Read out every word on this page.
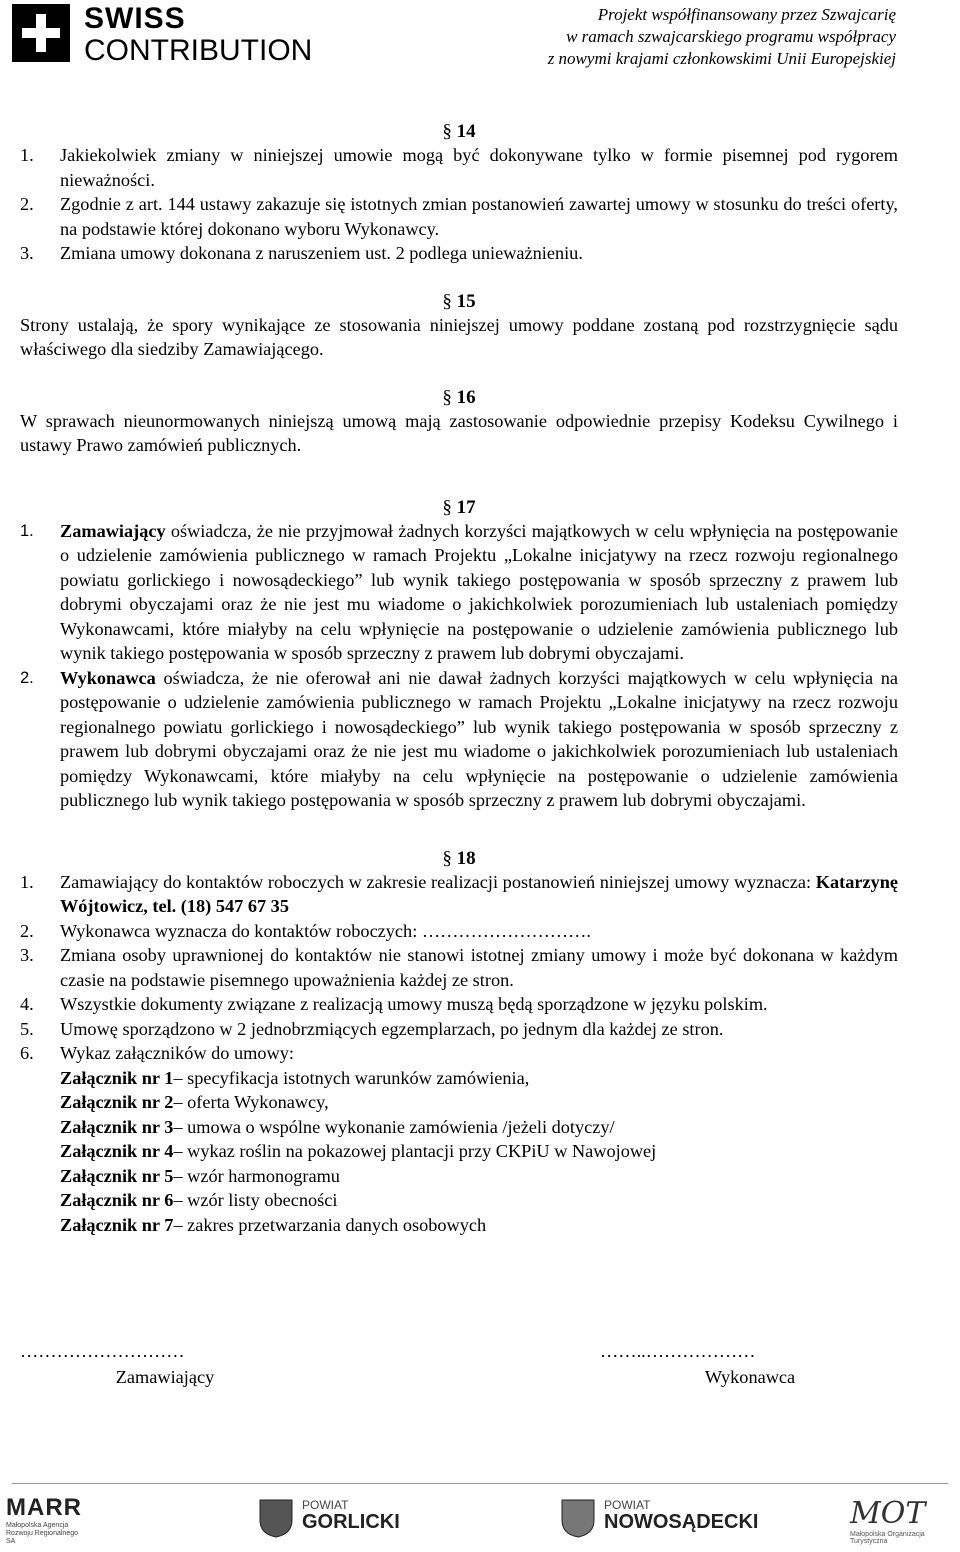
SWISS
CONTRIBUTION
Projekt współfinansowany przez Szwajcarię
w ramach szwajcarskiego programu współpracy
z nowymi krajami członkowskimi Unii Europejskiej
§ 14
1.	Jakiekolwiek zmiany w niniejszej umowie mogą być dokonywane tylko w formie pisemnej pod rygorem nieważności.
2.	Zgodnie z art. 144 ustawy zakazuje się istotnych zmian postanowień zawartej umowy w stosunku do treści oferty, na podstawie której dokonano wyboru Wykonawcy.
3.	Zmiana umowy dokonana z naruszeniem ust. 2 podlega unieważnieniu.
§ 15

Strony ustalają, że spory wynikające ze stosowania niniejszej umowy poddane zostaną pod rozstrzygnięcie sądu właściwego dla siedziby Zamawiającego.

§ 16

W sprawach nieunormowanych niniejszą umową mają zastosowanie odpowiednie przepisy Kodeksu Cywilnego i ustawy Prawo zamówień publicznych.

§ 17
1.	Zamawiający oświadcza, że nie przyjmował żadnych korzyści majątkowych w celu wpłynięcia na postępowanie o udzielenie zamówienia publicznego w ramach Projektu „Lokalne inicjatywy na rzecz rozwoju regionalnego powiatu gorlickiego i nowosądeckiego” lub wynik takiego postępowania w sposób sprzeczny z prawem lub dobrymi obyczajami oraz że nie jest mu wiadome o jakichkolwiek porozumieniach lub ustaleniach pomiędzy Wykonawcami, które miałyby na celu wpłynięcie na postępowanie o udzielenie zamówienia publicznego lub wynik takiego postępowania w sposób sprzeczny z prawem lub dobrymi obyczajami.
2.	Wykonawca oświadcza, że nie oferował ani nie dawał żadnych korzyści majątkowych w celu wpłynięcia na postępowanie o udzielenie zamówienia publicznego w ramach Projektu „Lokalne inicjatywy na rzecz rozwoju regionalnego powiatu gorlickiego i nowosądeckiego” lub wynik takiego postępowania w sposób sprzeczny z prawem lub dobrymi obyczajami oraz że nie jest mu wiadome o jakichkolwiek porozumieniach lub ustaleniach pomiędzy Wykonawcami, które miałyby na celu wpłynięcie na postępowanie o udzielenie zamówienia publicznego lub wynik takiego postępowania w sposób sprzeczny z prawem lub dobrymi obyczajami.
§ 18
1.	Zamawiający do kontaktów roboczych w zakresie realizacji postanowień niniejszej umowy wyznacza: Katarzynę Wójtowicz, tel. (18) 547 67 35
2.	Wykonawca wyznacza do kontaktów roboczych: ……………………….
3.	Zmiana osoby uprawnionej do kontaktów nie stanowi istotnej zmiany umowy i może być dokonana w każdym czasie na podstawie pisemnego upoważnienia każdej ze stron.
4.	Wszystkie dokumenty związane z realizacją umowy muszą będą sporządzone w języku polskim.
5.	Umowę sporządzono w 2 jednobrzmiących egzemplarzach, po jednym dla każdej ze stron.
6.	Wykaz załączników do umowy:
Załącznik nr 1 – specyfikacja istotnych warunków zamówienia,
Załącznik nr 2 – oferta Wykonawcy,
Załącznik nr 3 – umowa o wspólne wykonanie zamówienia /jeżeli dotyczy/
Załącznik nr 4 – wykaz roślin na pokazowej plantacji przy CKPiU w Nawojowej
Załącznik nr 5 – wzór harmonogramu
Załącznik nr 6 – wzór listy obecności
Załącznik nr 7 – zakres przetwarzania danych osobowych
………………………
Zamawiający
……..………………
Wykonawca
MARR
Małopolska Agencja Rozwoju Regionalnego SA
POWIAT
GORLICKI
POWIAT
NOWOSĄDECKI	MOT
Małopolska Organizacja Turystyczna
